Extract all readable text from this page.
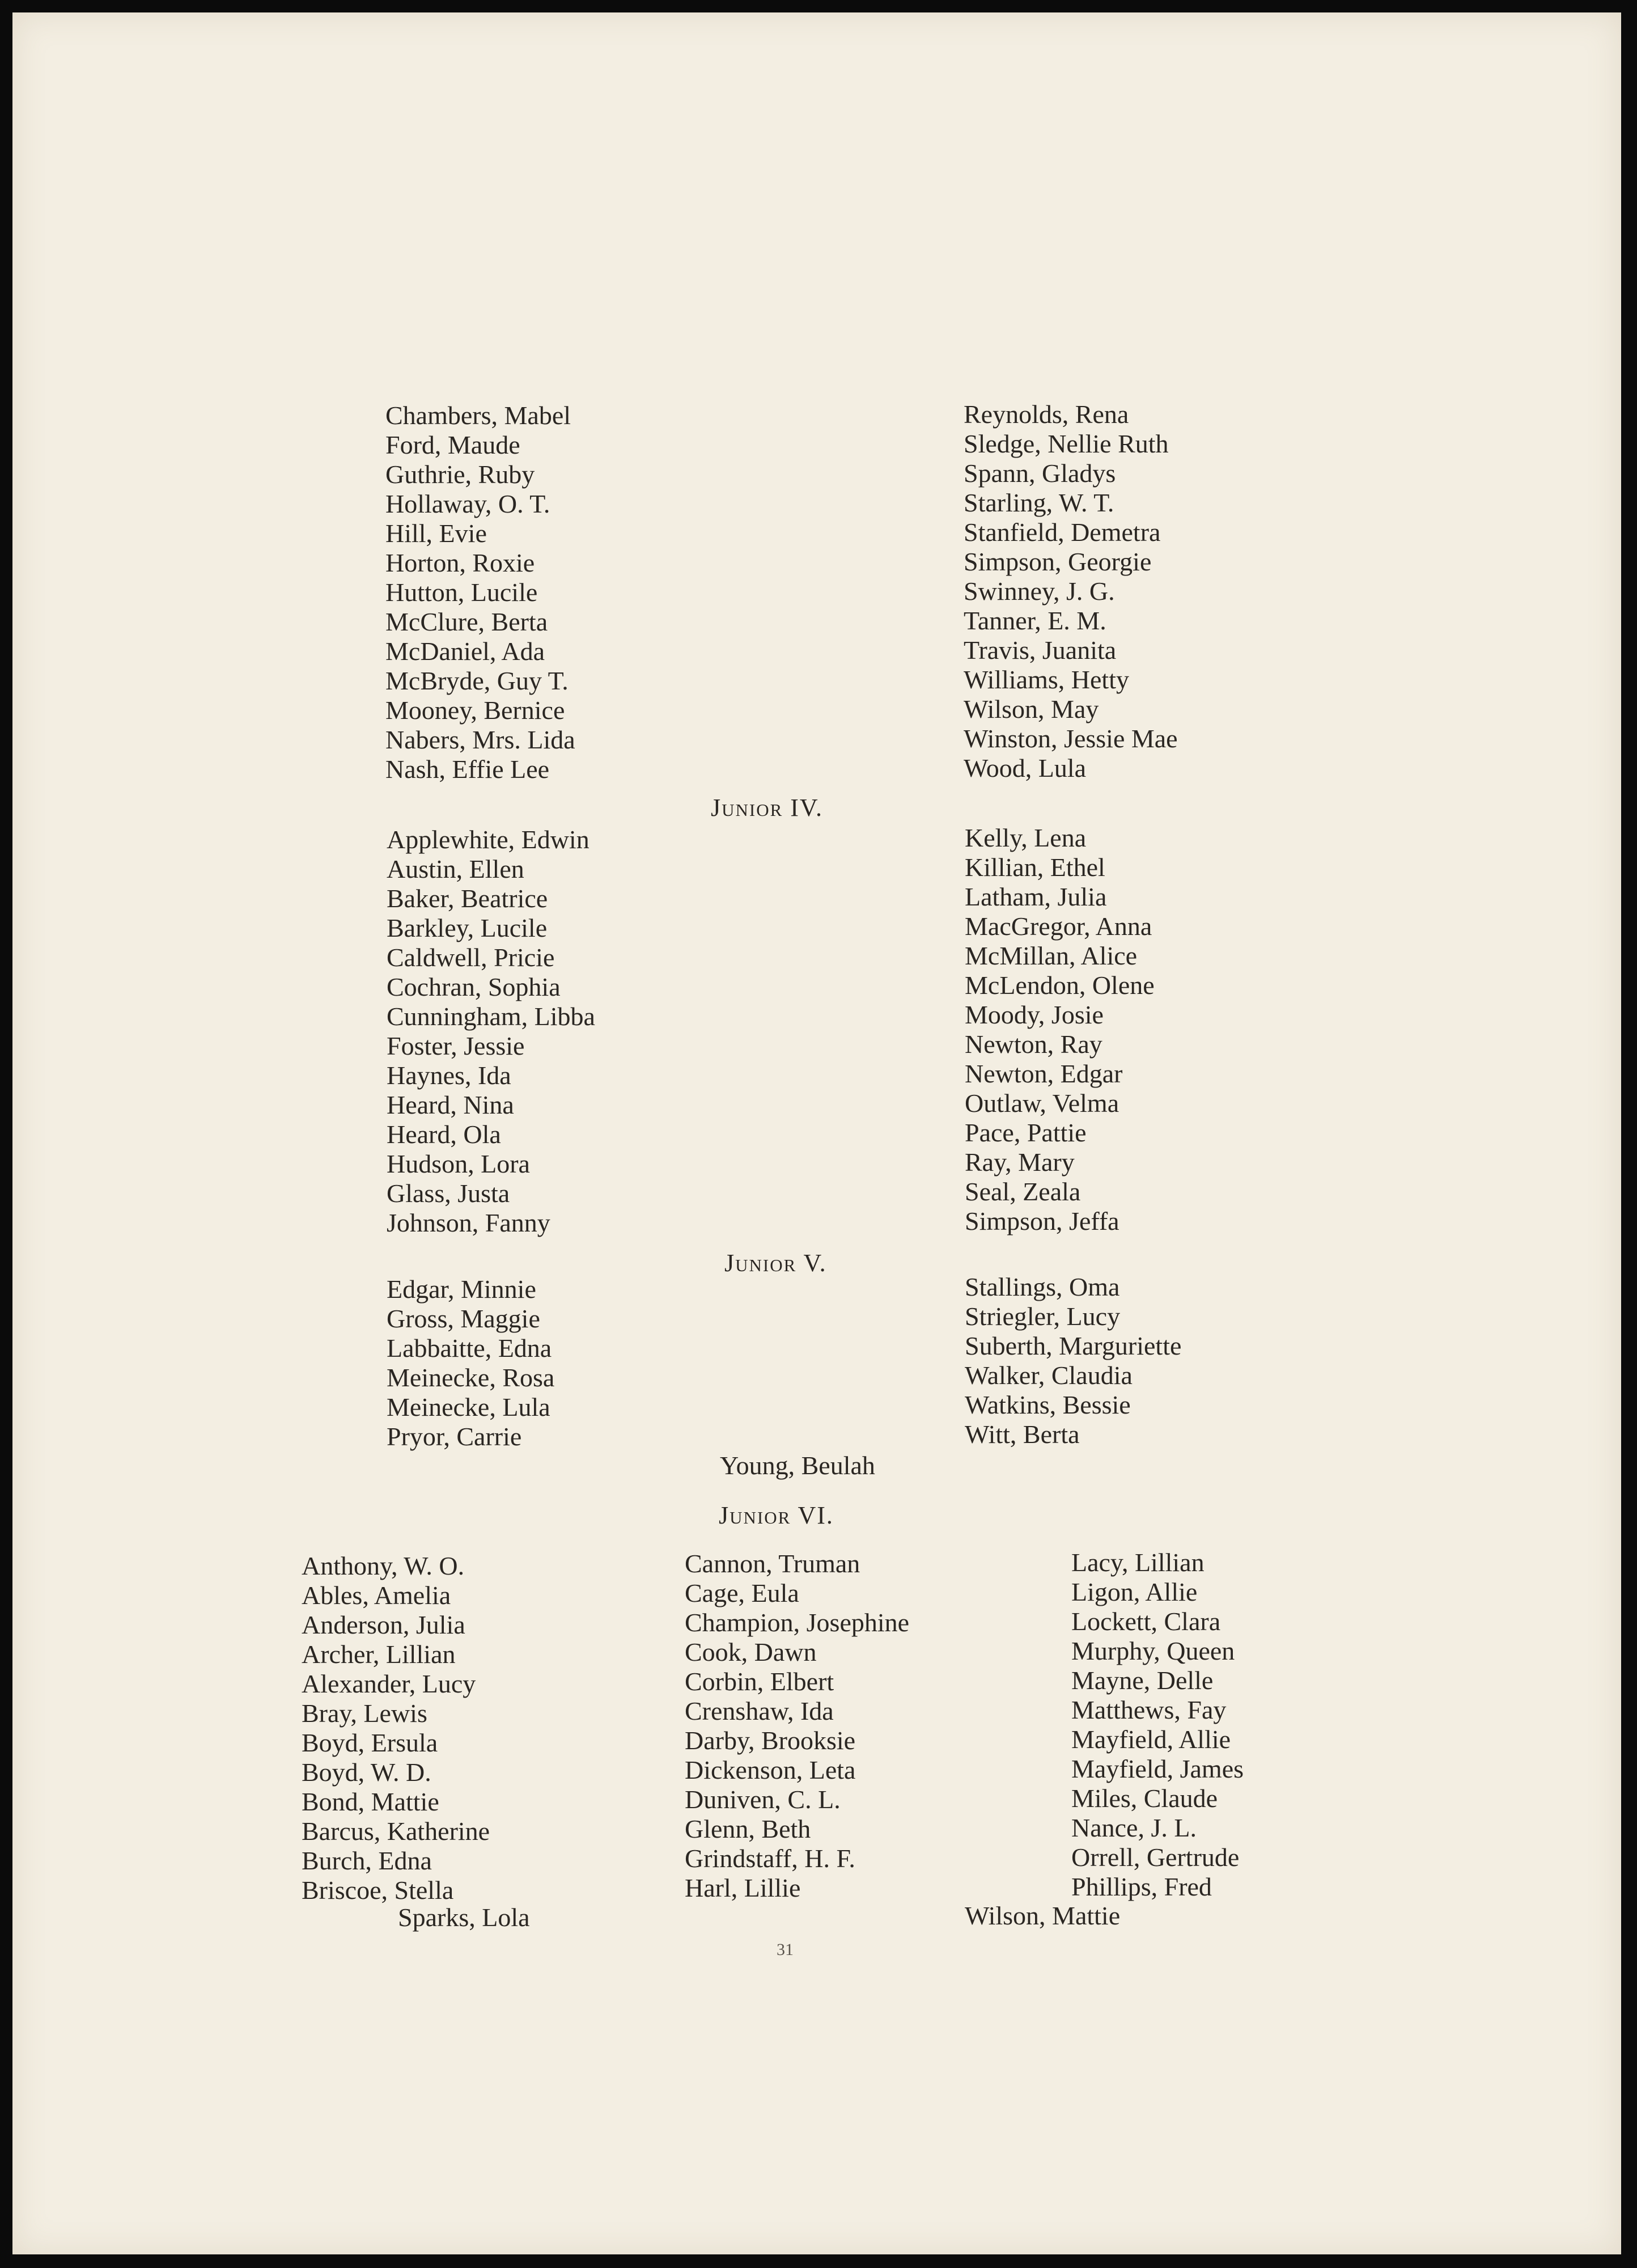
Chambers, Mabel
Ford, Maude
Guthrie, Ruby
Hollaway, O. T.
Hill, Evie
Horton, Roxie
Hutton, Lucile
McClure, Berta
McDaniel, Ada
McBryde, Guy T.
Mooney, Bernice
Nabers, Mrs. Lida
Nash, Effie Lee
Reynolds, Rena
Sledge, Nellie Ruth
Spann, Gladys
Starling, W. T.
Stanfield, Demetra
Simpson, Georgie
Swinney, J. G.
Tanner, E. M.
Travis, Juanita
Williams, Hetty
Wilson, May
Winston, Jessie Mae
Wood, Lula
Junior IV.
Applewhite, Edwin
Austin, Ellen
Baker, Beatrice
Barkley, Lucile
Caldwell, Pricie
Cochran, Sophia
Cunningham, Libba
Foster, Jessie
Haynes, Ida
Heard, Nina
Heard, Ola
Hudson, Lora
Glass, Justa
Johnson, Fanny
Kelly, Lena
Killian, Ethel
Latham, Julia
MacGregor, Anna
McMillan, Alice
McLendon, Olene
Moody, Josie
Newton, Ray
Newton, Edgar
Outlaw, Velma
Pace, Pattie
Ray, Mary
Seal, Zeala
Simpson, Jeffa
Junior V.
Edgar, Minnie
Gross, Maggie
Labbaitte, Edna
Meinecke, Rosa
Meinecke, Lula
Pryor, Carrie
Stallings, Oma
Striegler, Lucy
Suberth, Marguriette
Walker, Claudia
Watkins, Bessie
Witt, Berta
Young, Beulah
Junior VI.
Anthony, W. O.
Ables, Amelia
Anderson, Julia
Archer, Lillian
Alexander, Lucy
Bray, Lewis
Boyd, Ersula
Boyd, W. D.
Bond, Mattie
Barcus, Katherine
Burch, Edna
Briscoe, Stella
Cannon, Truman
Cage, Eula
Champion, Josephine
Cook, Dawn
Corbin, Elbert
Crenshaw, Ida
Darby, Brooksie
Dickenson, Leta
Duniven, C. L.
Glenn, Beth
Grindstaff, H. F.
Harl, Lillie
Lacy, Lillian
Ligon, Allie
Lockett, Clara
Murphy, Queen
Mayne, Delle
Matthews, Fay
Mayfield, Allie
Mayfield, James
Miles, Claude
Nance, J. L.
Orrell, Gertrude
Phillips, Fred
Sparks, Lola	Wilson, Mattie
31
